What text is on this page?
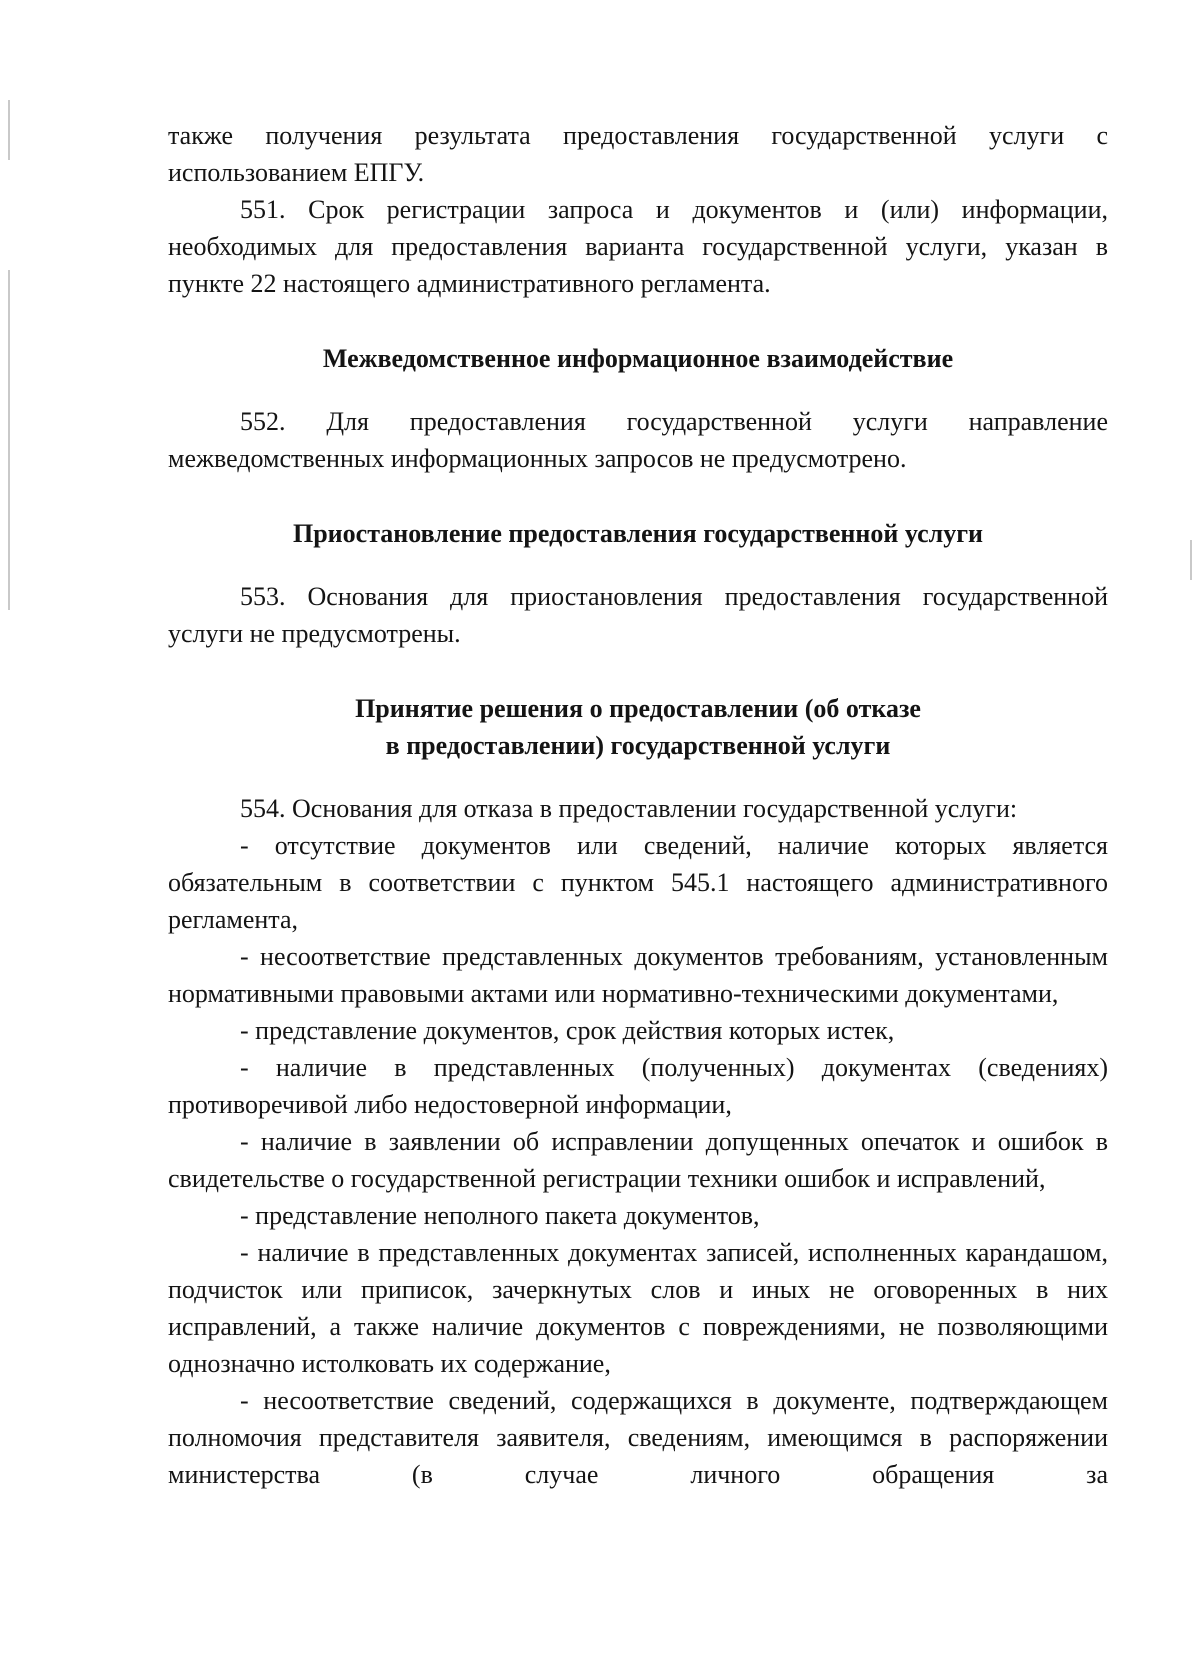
также получения результата предоставления государственной услуги с использованием ЕПГУ.

551. Срок регистрации запроса и документов и (или) информации, необходимых для предоставления варианта государственной услуги, указан в пункте 22 настоящего административного регламента.

Межведомственное информационное взаимодействие

552. Для предоставления государственной услуги направление межведомственных информационных запросов не предусмотрено.

Приостановление предоставления государственной услуги

553. Основания для приостановления предоставления государственной услуги не предусмотрены.

Принятие решения о предоставлении (об отказе

в предоставлении) государственной услуги

554. Основания для отказа в предоставлении государственной услуги:

- отсутствие документов или сведений, наличие которых является обязательным в соответствии с пунктом 545.1 настоящего административного регламента,

- несоответствие представленных документов требованиям, установленным нормативными правовыми актами или нормативно-техническими документами,

- представление документов, срок действия которых истек,

- наличие в представленных (полученных) документах (сведениях) противоречивой либо недостоверной информации,

- наличие в заявлении об исправлении допущенных опечаток и ошибок в свидетельстве о государственной регистрации техники ошибок и исправлений,

- представление неполного пакета документов,

- наличие в представленных документах записей, исполненных карандашом, подчисток или приписок, зачеркнутых слов и иных не оговоренных в них исправлений, а также наличие документов с повреждениями, не позволяющими однозначно истолковать их содержание,

- несоответствие сведений, содержащихся в документе, подтверждающем полномочия представителя заявителя, сведениям, имеющимся в распоряжении министерства (в случае личного обращения за
